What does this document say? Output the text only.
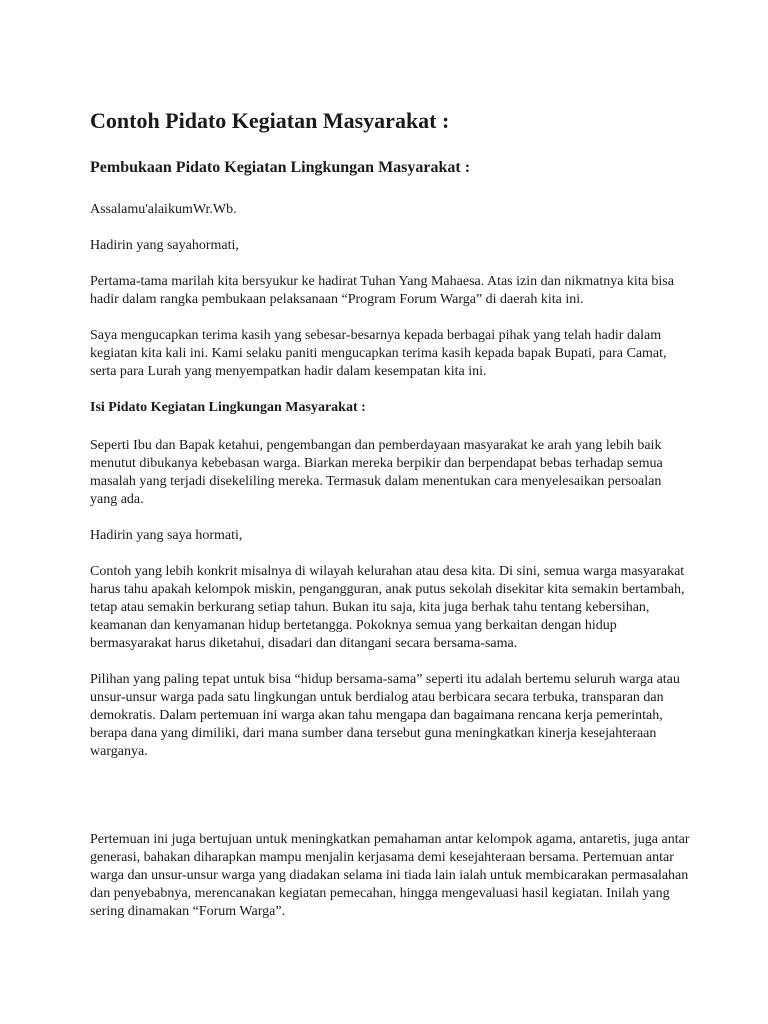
Contoh Pidato Kegiatan Masyarakat :
Pembukaan Pidato Kegiatan Lingkungan Masyarakat :

Assalamu'alaikumWr.Wb.

Hadirin yang sayahormati,

Pertama-tama marilah kita bersyukur ke hadirat Tuhan Yang Mahaesa. Atas izin dan nikmatnya kita bisa hadir dalam rangka pembukaan pelaksanaan “Program Forum Warga” di daerah kita ini.

Saya mengucapkan terima kasih yang sebesar-besarnya kepada berbagai pihak yang telah hadir dalam kegiatan kita kali ini. Kami selaku paniti mengucapkan terima kasih kepada bapak Bupati, para Camat, serta para Lurah yang menyempatkan hadir dalam kesempatan kita ini.

Isi Pidato Kegiatan Lingkungan Masyarakat :

Seperti Ibu dan Bapak ketahui, pengembangan dan pemberdayaan masyarakat ke arah yang lebih baik menutut dibukanya kebebasan warga. Biarkan mereka berpikir dan berpendapat bebas terhadap semua masalah yang terjadi disekeliling mereka. Termasuk dalam menentukan cara menyelesaikan persoalan yang ada.

Hadirin yang saya hormati,

Contoh yang lebih konkrit misalnya di wilayah kelurahan atau desa kita. Di sini, semua warga masyarakat harus tahu apakah kelompok miskin, pengangguran, anak putus sekolah disekitar kita semakin bertambah, tetap atau semakin berkurang setiap tahun. Bukan itu saja, kita juga berhak tahu tentang kebersihan, keamanan dan kenyamanan hidup bertetangga. Pokoknya semua yang berkaitan dengan hidup bermasyarakat harus diketahui, disadari dan ditangani secara bersama-sama.

Pilihan yang paling tepat untuk bisa “hidup bersama-sama” seperti itu adalah bertemu seluruh warga atau unsur-unsur warga pada satu lingkungan untuk berdialog atau berbicara secara terbuka, transparan dan demokratis. Dalam pertemuan ini warga akan tahu mengapa dan bagaimana rencana kerja pemerintah, berapa dana yang dimiliki, dari mana sumber dana tersebut guna meningkatkan kinerja kesejahteraan warganya.

Pertemuan ini juga bertujuan untuk meningkatkan pemahaman antar kelompok agama, antaretis, juga antar generasi, bahakan diharapkan mampu menjalin kerjasama demi kesejahteraan bersama. Pertemuan antar warga dan unsur-unsur warga yang diadakan selama ini tiada lain ialah untuk membicarakan permasalahan dan penyebabnya, merencanakan kegiatan pemecahan, hingga mengevaluasi hasil kegiatan. Inilah yang sering dinamakan “Forum Warga”.
